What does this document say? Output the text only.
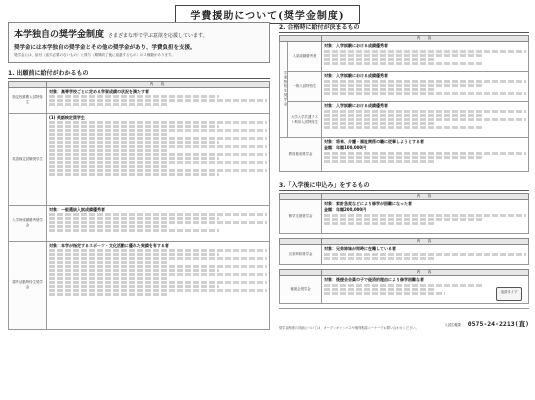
学費援助について(奨学金制度)
本学独自の奨学金制度 さまざまな形で学ぶ意欲を応援しています。
奨学金には本学独自の奨学金とその他の奨学金があり、学費負担を支援。
奨学金には、給付（返す必要のないもの）と貸与（期間終了後に返還するもの）の２種類があります。
1. 出願前に給付がわかるもの
	内　容
指定校推薦入試特待生	対象：高等学校ごとに定める学習成績の状況を満たす者

英語検定試験奨学生	(1) 英語検定奨学生

入学時成績優秀奨学金	対象：一般選抜入試成績優秀者

課外活動特待生奨学金	対象：本学が指定するスポーツ・文化活動に優れた実績を有する者
2. 合格時に給付が決まるもの
		内　容
学業特待生奨学金	入試成績優秀者	対象：入学試験における成績優秀者

	一般入試特待生	対象：入学試験における成績優秀者

	大学入学共通テスト利用入試特待生	対象：入学試験における成績優秀者

教員養成奨学金		対象：将来、介護・福祉関係の職に従事しようとする者
金額：年額100,000円
3.「入学後に申込み」をするもの
	内　容
修学支援奨学金	対象：家計急変などにより修学が困難になった者
金額：年額200,000円
	内　容
兄弟姉妹奨学金	対象：兄弟姉妹が同時に在籍している者
	内　容
後援会奨学金	対象：後援会会員の子で経済的理由により修学困難な者
返済タイプ
奨学金制度の詳細については、オープンキャンパスや個別相談コーナーでお問い合わせください。
入試広報課 0575-24-2213(直)
